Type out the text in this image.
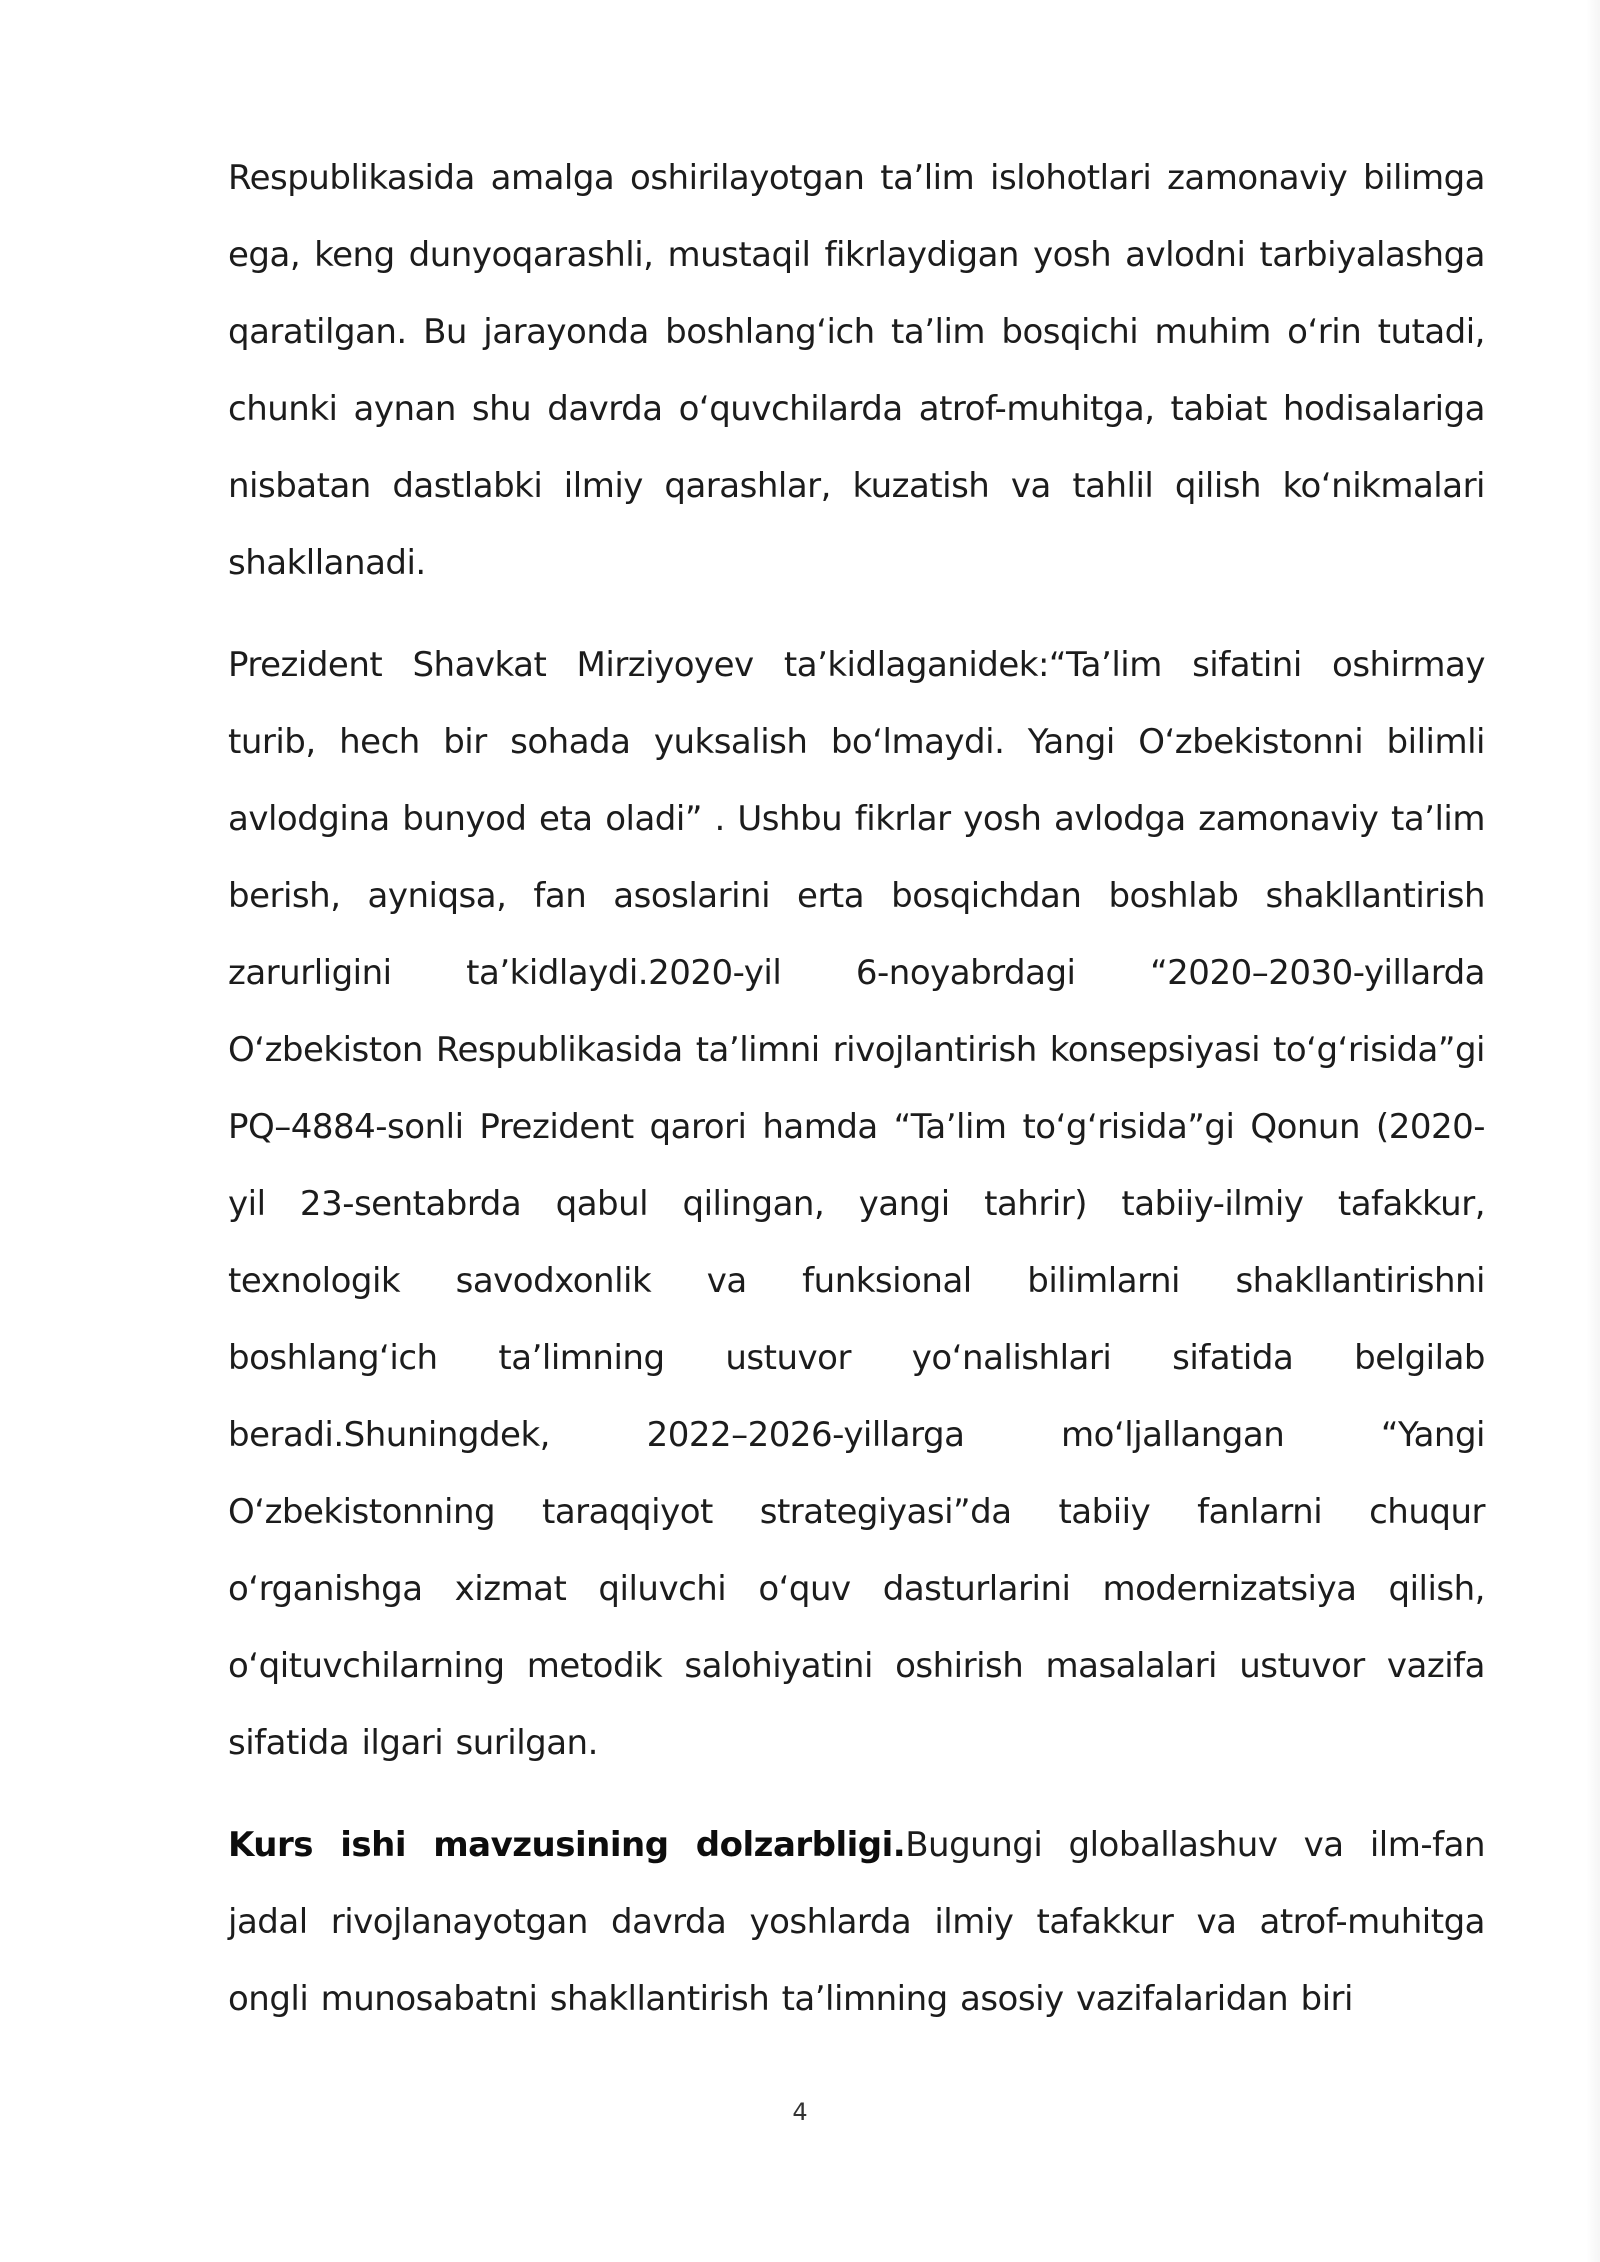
Respublikasida amalga oshirilayotgan ta’lim islohotlari zamonaviy bilimga ega, keng dunyoqarashli, mustaqil fikrlaydigan yosh avlodni tarbiyalashga qaratilgan. Bu jarayonda boshlang‘ich ta’lim bosqichi muhim o‘rin tutadi, chunki aynan shu davrda o‘quvchilarda atrof-muhitga, tabiat hodisalariga nisbatan dastlabki ilmiy qarashlar, kuzatish va tahlil qilish ko‘nikmalari shakllanadi.

Prezident Shavkat Mirziyoyev ta’kidlaganidek:“Ta’lim sifatini oshirmay turib, hech bir sohada yuksalish bo‘lmaydi. Yangi O‘zbekistonni bilimli avlodgina bunyod eta oladi” . Ushbu fikrlar yosh avlodga zamonaviy ta’lim berish, ayniqsa, fan asoslarini erta bosqichdan boshlab shakllantirish zarurligini ta’kidlaydi.2020-yil 6-noyabrdagi “2020–2030-yillarda O‘zbekiston Respublikasida ta’limni rivojlantirish konsepsiyasi to‘g‘risida”gi PQ–4884-sonli Prezident qarori hamda “Ta’lim to‘g‘risida”gi Qonun (2020-yil 23-sentabrda qabul qilingan, yangi tahrir) tabiiy-ilmiy tafakkur, texnologik savodxonlik va funksional bilimlarni shakllantirishni boshlang‘ich ta’limning ustuvor yo‘nalishlari sifatida belgilab beradi.Shuningdek, 2022–2026-yillarga mo‘ljallangan “Yangi O‘zbekistonning taraqqiyot strategiyasi”da tabiiy fanlarni chuqur o‘rganishga xizmat qiluvchi o‘quv dasturlarini modernizatsiya qilish, o‘qituvchilarning metodik salohiyatini oshirish masalalari ustuvor vazifa sifatida ilgari surilgan.

Kurs ishi mavzusining dolzarbligi.Bugungi globallashuv va ilm-fan jadal rivojlanayotgan davrda yoshlarda ilmiy tafakkur va atrof-muhitga ongli munosabatni shakllantirish ta’limning asosiy vazifalaridan biri

4
